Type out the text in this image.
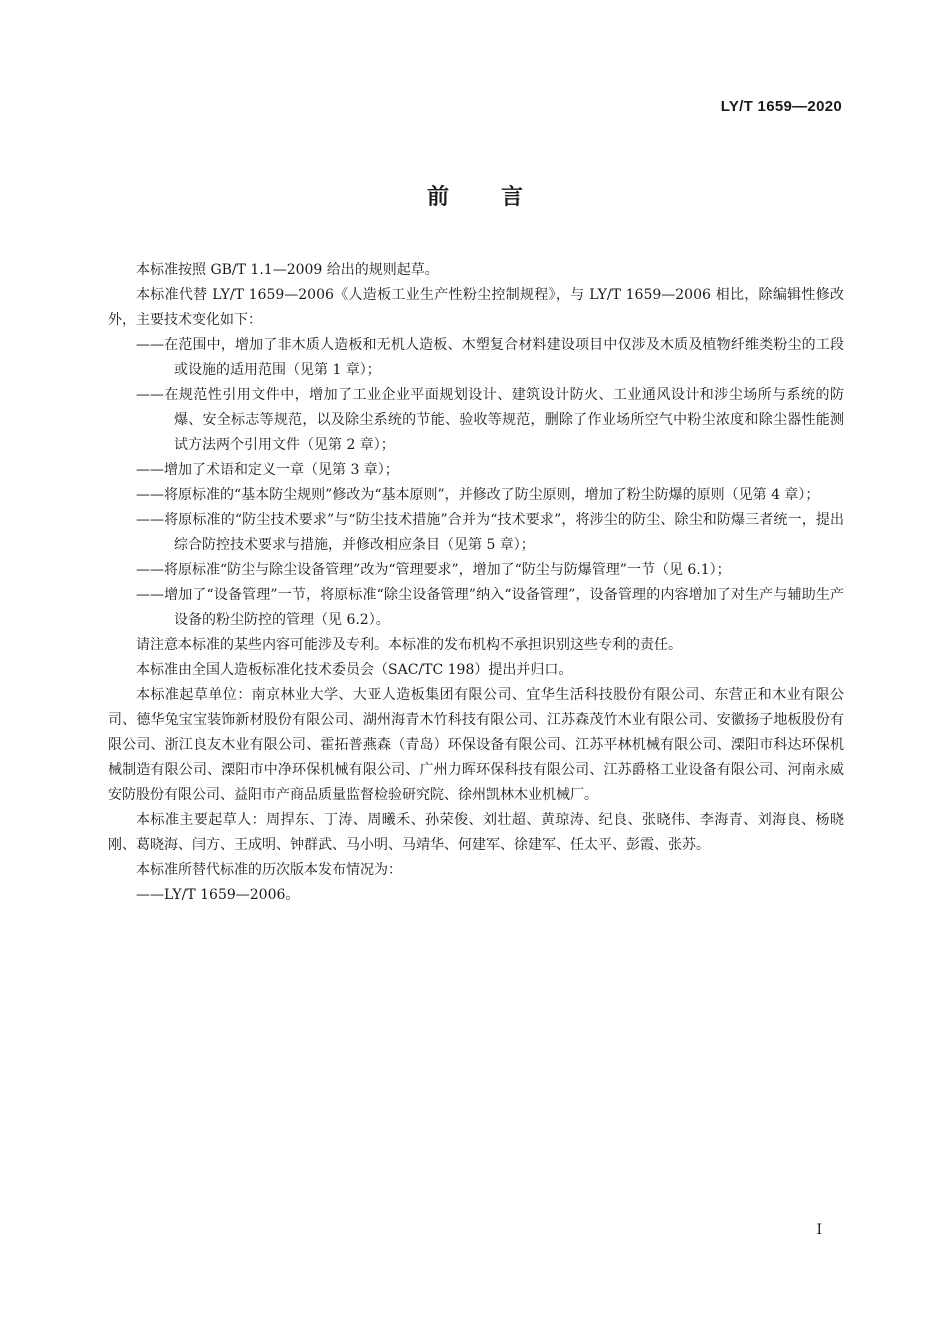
LY/T 1659—2020
前言

本标准按照 GB/T 1.1—2009 给出的规则起草。

本标准代替 LY/T 1659—2006《人造板工业生产性粉尘控制规程》，与 LY/T 1659—2006 相比，除编辑性修改外，主要技术变化如下：

——在范围中，增加了非木质人造板和无机人造板、木塑复合材料建设项目中仅涉及木质及植物纤维类粉尘的工段或设施的适用范围（见第 1 章）；

——在规范性引用文件中，增加了工业企业平面规划设计、建筑设计防火、工业通风设计和涉尘场所与系统的防爆、安全标志等规范，以及除尘系统的节能、验收等规范，删除了作业场所空气中粉尘浓度和除尘器性能测试方法两个引用文件（见第 2 章）；

——增加了术语和定义一章（见第 3 章）；

——将原标准的“基本防尘规则”修改为“基本原则”，并修改了防尘原则，增加了粉尘防爆的原则（见第 4 章）；

——将原标准的“防尘技术要求”与“防尘技术措施”合并为“技术要求”，将涉尘的防尘、除尘和防爆三者统一，提出综合防控技术要求与措施，并修改相应条目（见第 5 章）；

——将原标准“防尘与除尘设备管理”改为“管理要求”，增加了“防尘与防爆管理”一节（见 6.1）；

——增加了“设备管理”一节，将原标准“除尘设备管理”纳入“设备管理”，设备管理的内容增加了对生产与辅助生产设备的粉尘防控的管理（见 6.2）。

请注意本标准的某些内容可能涉及专利。本标准的发布机构不承担识别这些专利的责任。

本标准由全国人造板标准化技术委员会（SAC/TC 198）提出并归口。

本标准起草单位：南京林业大学、大亚人造板集团有限公司、宜华生活科技股份有限公司、东营正和木业有限公司、德华兔宝宝装饰新材股份有限公司、湖州海青木竹科技有限公司、江苏森茂竹木业有限公司、安徽扬子地板股份有限公司、浙江良友木业有限公司、霍拓普燕森（青岛）环保设备有限公司、江苏平林机械有限公司、溧阳市科达环保机械制造有限公司、溧阳市中净环保机械有限公司、广州力晖环保科技有限公司、江苏爵格工业设备有限公司、河南永威安防股份有限公司、益阳市产商品质量监督检验研究院、徐州凯林木业机械厂。

本标准主要起草人：周捍东、丁涛、周曦禾、孙荣俊、刘壮超、黄琼涛、纪良、张晓伟、李海青、刘海良、杨晓刚、葛晓海、闫方、王成明、钟群武、马小明、马靖华、何建军、徐建军、任太平、彭霞、张苏。

本标准所替代标准的历次版本发布情况为：

——LY/T 1659—2006。

I
